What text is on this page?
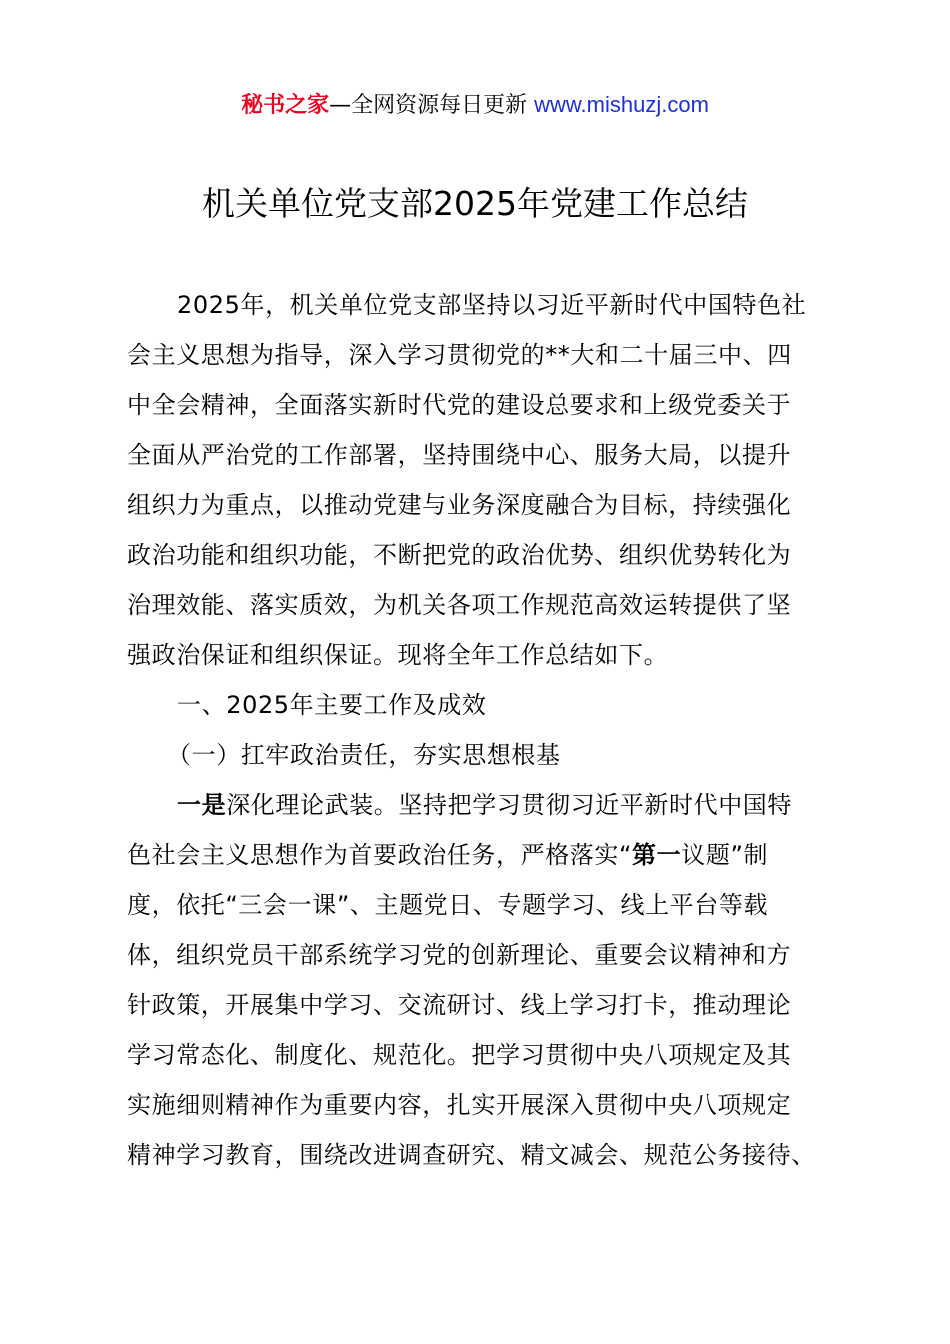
秘书之家—全网资源每日更新 www.mishuzj.com
机关单位党支部2025年党建工作总结
2025年，机关单位党支部坚持以习近平新时代中国特色社
会主义思想为指导，深入学习贯彻党的**大和二十届三中、四
中全会精神，全面落实新时代党的建设总要求和上级党委关于
全面从严治党的工作部署，坚持围绕中心、服务大局，以提升
组织力为重点，以推动党建与业务深度融合为目标，持续强化
政治功能和组织功能，不断把党的政治优势、组织优势转化为
治理效能、落实质效，为机关各项工作规范高效运转提供了坚
强政治保证和组织保证。现将全年工作总结如下。
一、2025年主要工作及成效
（一）扛牢政治责任，夯实思想根基
一是深化理论武装。坚持把学习贯彻习近平新时代中国特
色社会主义思想作为首要政治任务，严格落实“第一议题”制
度，依托“三会一课”、主题党日、专题学习、线上平台等载
体，组织党员干部系统学习党的创新理论、重要会议精神和方
针政策，开展集中学习、交流研讨、线上学习打卡，推动理论
学习常态化、制度化、规范化。把学习贯彻中央八项规定及其
实施细则精神作为重要内容，扎实开展深入贯彻中央八项规定
精神学习教育，围绕改进调查研究、精文减会、规范公务接待、
